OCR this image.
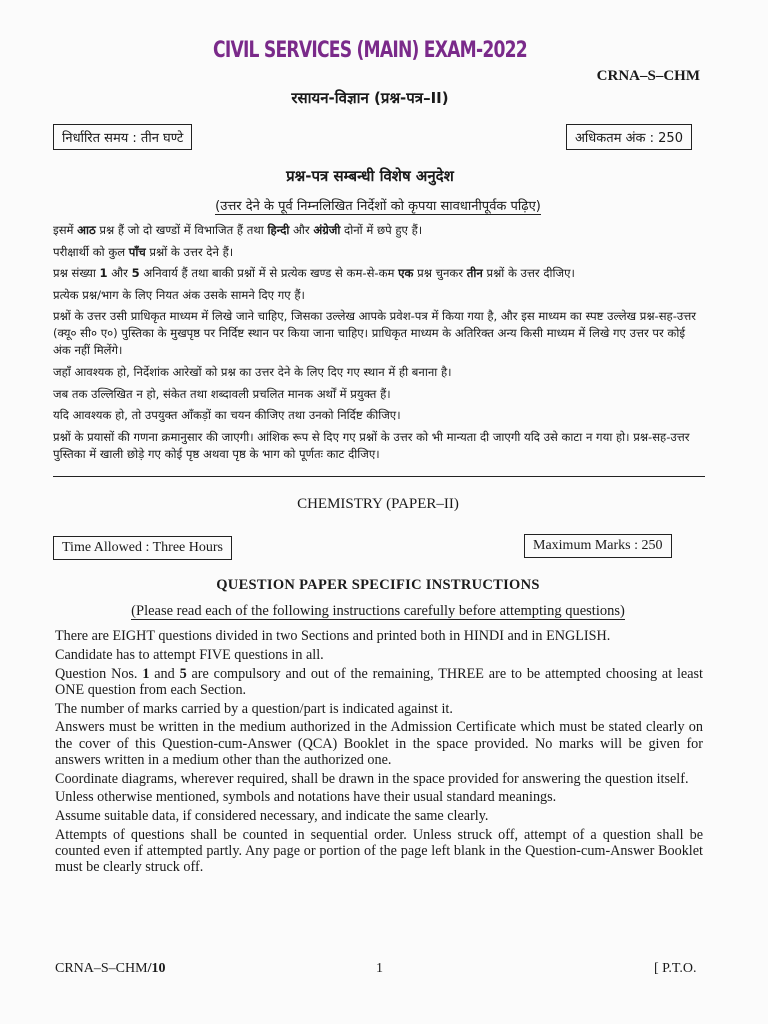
CIVIL SERVICES (MAIN) EXAM-2022
CRNA–S–CHM
रसायन-विज्ञान (प्रश्न-पत्र–II)
निर्धारित समय : तीन घण्टे	अधिकतम अंक : 250
प्रश्न-पत्र सम्बन्धी विशेष अनुदेश
(उत्तर देने के पूर्व निम्नलिखित निर्देशों को कृपया सावधानीपूर्वक पढ़िए)

इसमें आठ प्रश्न हैं जो दो खण्डों में विभाजित हैं तथा हिन्दी और अंग्रेजी दोनों में छपे हुए हैं।

परीक्षार्थी को कुल पाँच प्रश्नों के उत्तर देने हैं।

प्रश्न संख्या 1 और 5 अनिवार्य हैं तथा बाकी प्रश्नों में से प्रत्येक खण्ड से कम-से-कम एक प्रश्न चुनकर तीन प्रश्नों के उत्तर दीजिए।

प्रत्येक प्रश्न/भाग के लिए नियत अंक उसके सामने दिए गए हैं।

प्रश्नों के उत्तर उसी प्राधिकृत माध्यम में लिखे जाने चाहिए, जिसका उल्लेख आपके प्रवेश-पत्र में किया गया है, और इस माध्यम का स्पष्ट उल्लेख प्रश्न-सह-उत्तर (क्यू० सी० ए०) पुस्तिका के मुखपृष्ठ पर निर्दिष्ट स्थान पर किया जाना चाहिए। प्राधिकृत माध्यम के अतिरिक्त अन्य किसी माध्यम में लिखे गए उत्तर पर कोई अंक नहीं मिलेंगे।

जहाँ आवश्यक हो, निर्देशांक आरेखों को प्रश्न का उत्तर देने के लिए दिए गए स्थान में ही बनाना है।

जब तक उल्लिखित न हो, संकेत तथा शब्दावली प्रचलित मानक अर्थों में प्रयुक्त हैं।

यदि आवश्यक हो, तो उपयुक्त आँकड़ों का चयन कीजिए तथा उनको निर्दिष्ट कीजिए।

प्रश्नों के प्रयासों की गणना क्रमानुसार की जाएगी। आंशिक रूप से दिए गए प्रश्नों के उत्तर को भी मान्यता दी जाएगी यदि उसे काटा न गया हो। प्रश्न-सह-उत्तर पुस्तिका में खाली छोड़े गए कोई पृष्ठ अथवा पृष्ठ के भाग को पूर्णतः काट दीजिए।

CHEMISTRY (PAPER–II)
Time Allowed : Three Hours	Maximum Marks : 250
QUESTION PAPER SPECIFIC INSTRUCTIONS
(Please read each of the following instructions carefully before attempting questions)

There are EIGHT questions divided in two Sections and printed both in HINDI and in ENGLISH.

Candidate has to attempt FIVE questions in all.

Question Nos. 1 and 5 are compulsory and out of the remaining, THREE are to be attempted choosing at least ONE question from each Section.

The number of marks carried by a question/part is indicated against it.

Answers must be written in the medium authorized in the Admission Certificate which must be stated clearly on the cover of this Question-cum-Answer (QCA) Booklet in the space provided. No marks will be given for answers written in a medium other than the authorized one.

Coordinate diagrams, wherever required, shall be drawn in the space provided for answering the question itself.

Unless otherwise mentioned, symbols and notations have their usual standard meanings.

Assume suitable data, if considered necessary, and indicate the same clearly.

Attempts of questions shall be counted in sequential order. Unless struck off, attempt of a question shall be counted even if attempted partly. Any page or portion of the page left blank in the Question-cum-Answer Booklet must be clearly struck off.

CRNA–S–CHM/10	1	[ P.T.O.
